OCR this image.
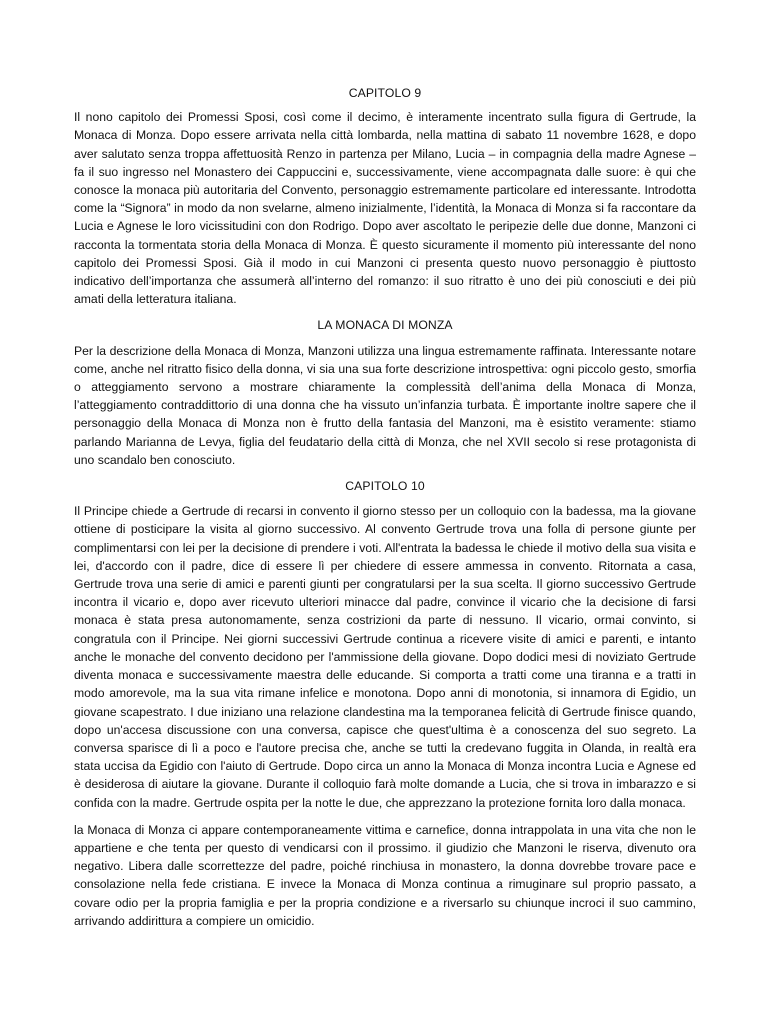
CAPITOLO 9

Il nono capitolo dei Promessi Sposi, così come il decimo, è interamente incentrato sulla figura di Gertrude, la Monaca di Monza. Dopo essere arrivata nella città lombarda, nella mattina di sabato 11 novembre 1628, e dopo aver salutato senza troppa affettuosità Renzo in partenza per Milano, Lucia – in compagnia della madre Agnese – fa il suo ingresso nel Monastero dei Cappuccini e, successivamente, viene accompagnata dalle suore: è qui che conosce la monaca più autoritaria del Convento, personaggio estremamente particolare ed interessante. Introdotta come la “Signora” in modo da non svelarne, almeno inizialmente, l’identità, la Monaca di Monza si fa raccontare da Lucia e Agnese le loro vicissitudini con don Rodrigo. Dopo aver ascoltato le peripezie delle due donne, Manzoni ci racconta la tormentata storia della Monaca di Monza. È questo sicuramente il momento più interessante del nono capitolo dei Promessi Sposi. Già il modo in cui Manzoni ci presenta questo nuovo personaggio è piuttosto indicativo dell’importanza che assumerà all’interno del romanzo: il suo ritratto è uno dei più conosciuti e dei più amati della letteratura italiana.

LA MONACA DI MONZA

Per la descrizione della Monaca di Monza, Manzoni utilizza una lingua estremamente raffinata. Interessante notare come, anche nel ritratto fisico della donna, vi sia una sua forte descrizione introspettiva: ogni piccolo gesto, smorfia o atteggiamento servono a mostrare chiaramente la complessità dell’anima della Monaca di Monza, l’atteggiamento contraddittorio di una donna che ha vissuto un’infanzia turbata. È importante inoltre sapere che il personaggio della Monaca di Monza non è frutto della fantasia del Manzoni, ma è esistito veramente: stiamo parlando Marianna de Levya, figlia del feudatario della città di Monza, che nel XVII secolo si rese protagonista di uno scandalo ben conosciuto.

CAPITOLO 10

Il Principe chiede a Gertrude di recarsi in convento il giorno stesso per un colloquio con la badessa, ma la giovane ottiene di posticipare la visita al giorno successivo. Al convento Gertrude trova una folla di persone giunte per complimentarsi con lei per la decisione di prendere i voti. All'entrata la badessa le chiede il motivo della sua visita e lei, d'accordo con il padre, dice di essere lì per chiedere di essere ammessa in convento. Ritornata a casa, Gertrude trova una serie di amici e parenti giunti per congratularsi per la sua scelta. Il giorno successivo Gertrude incontra il vicario e, dopo aver ricevuto ulteriori minacce dal padre, convince il vicario che la decisione di farsi monaca è stata presa autonomamente, senza costrizioni da parte di nessuno. Il vicario, ormai convinto, si congratula con il Principe. Nei giorni successivi Gertrude continua a ricevere visite di amici e parenti, e intanto anche le monache del convento decidono per l'ammissione della giovane. Dopo dodici mesi di noviziato Gertrude diventa monaca e successivamente maestra delle educande. Si comporta a tratti come una tiranna e a tratti in modo amorevole, ma la sua vita rimane infelice e monotona. Dopo anni di monotonia, si innamora di Egidio, un giovane scapestrato. I due iniziano una relazione clandestina ma la temporanea felicità di Gertrude finisce quando, dopo un'accesa discussione con una conversa, capisce che quest'ultima è a conoscenza del suo segreto. La conversa sparisce di lì a poco e l'autore precisa che, anche se tutti la credevano fuggita in Olanda, in realtà era stata uccisa da Egidio con l'aiuto di Gertrude. Dopo circa un anno la Monaca di Monza incontra Lucia e Agnese ed è desiderosa di aiutare la giovane. Durante il colloquio farà molte domande a Lucia, che si trova in imbarazzo e si confida con la madre. Gertrude ospita per la notte le due, che apprezzano la protezione fornita loro dalla monaca.

la Monaca di Monza ci appare contemporaneamente vittima e carnefice, donna intrappolata in una vita che non le appartiene e che tenta per questo di vendicarsi con il prossimo. il giudizio che Manzoni le riserva, divenuto ora negativo. Libera dalle scorrettezze del padre, poiché rinchiusa in monastero, la donna dovrebbe trovare pace e consolazione nella fede cristiana. E invece la Monaca di Monza continua a rimuginare sul proprio passato, a covare odio per la propria famiglia e per la propria condizione e a riversarlo su chiunque incroci il suo cammino, arrivando addirittura a compiere un omicidio.
